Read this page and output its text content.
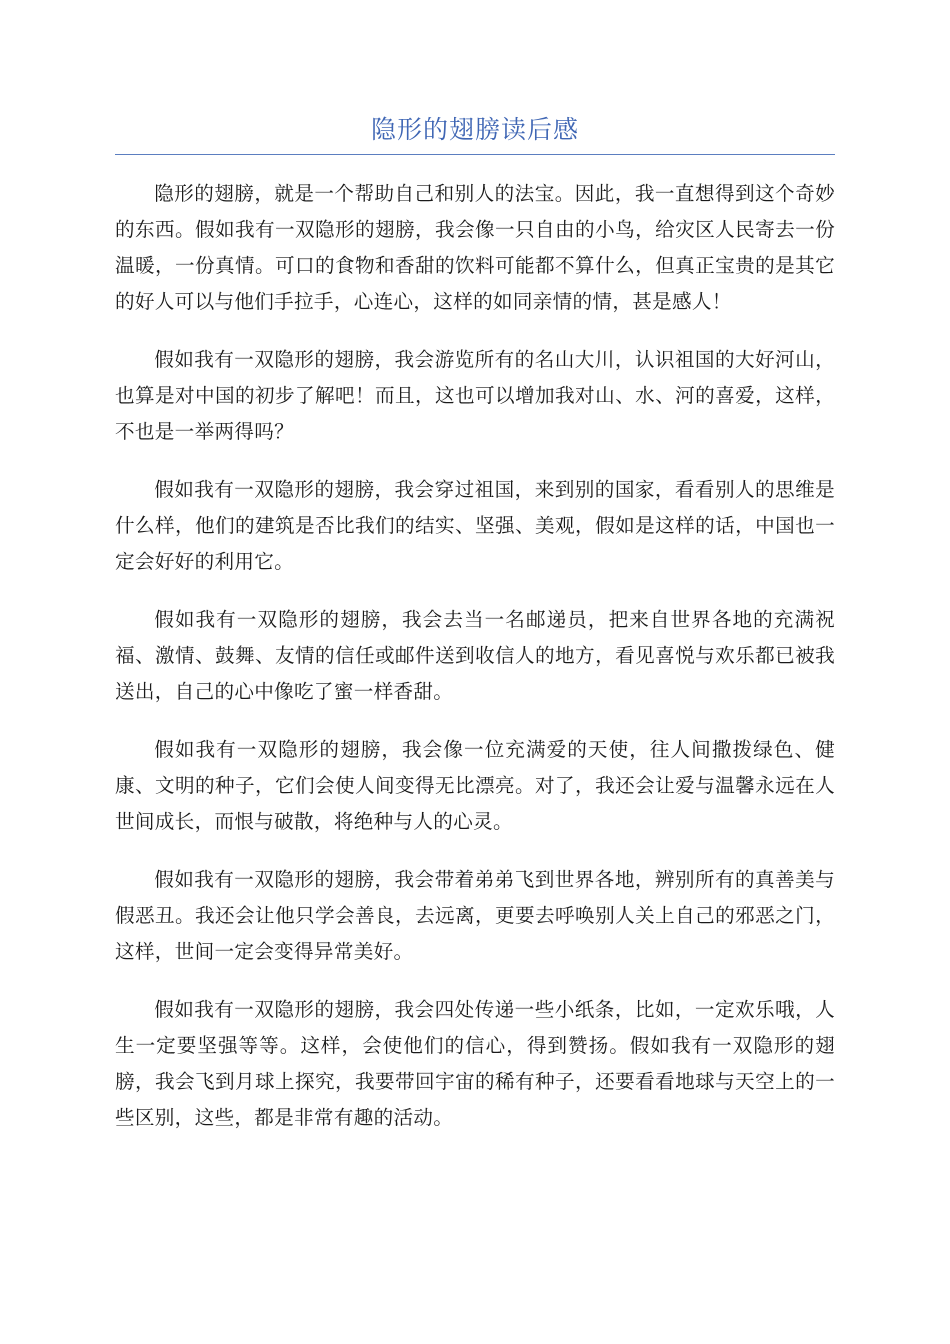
隐形的翅膀读后感

隐形的翅膀，就是一个帮助自己和别人的法宝。因此，我一直想得到这个奇妙的东西。假如我有一双隐形的翅膀，我会像一只自由的小鸟，给灾区人民寄去一份温暖，一份真情。可口的食物和香甜的饮料可能都不算什么，但真正宝贵的是其它的好人可以与他们手拉手，心连心，这样的如同亲情的情，甚是感人！

假如我有一双隐形的翅膀，我会游览所有的名山大川，认识祖国的大好河山，也算是对中国的初步了解吧！而且，这也可以增加我对山、水、河的喜爱，这样，不也是一举两得吗？

假如我有一双隐形的翅膀，我会穿过祖国，来到别的国家，看看别人的思维是什么样，他们的建筑是否比我们的结实、坚强、美观，假如是这样的话，中国也一定会好好的利用它。

假如我有一双隐形的翅膀，我会去当一名邮递员，把来自世界各地的充满祝福、激情、鼓舞、友情的信任或邮件送到收信人的地方，看见喜悦与欢乐都已被我送出，自己的心中像吃了蜜一样香甜。

假如我有一双隐形的翅膀，我会像一位充满爱的天使，往人间撒拨绿色、健康、文明的种子，它们会使人间变得无比漂亮。对了，我还会让爱与温馨永远在人世间成长，而恨与破散，将绝种与人的心灵。

假如我有一双隐形的翅膀，我会带着弟弟飞到世界各地，辨别所有的真善美与假恶丑。我还会让他只学会善良，去远离，更要去呼唤别人关上自己的邪恶之门，这样，世间一定会变得异常美好。

假如我有一双隐形的翅膀，我会四处传递一些小纸条，比如，一定欢乐哦，人生一定要坚强等等。这样，会使他们的信心，得到赞扬。假如我有一双隐形的翅膀，我会飞到月球上探究，我要带回宇宙的稀有种子，还要看看地球与天空上的一些区别，这些，都是非常有趣的活动。
